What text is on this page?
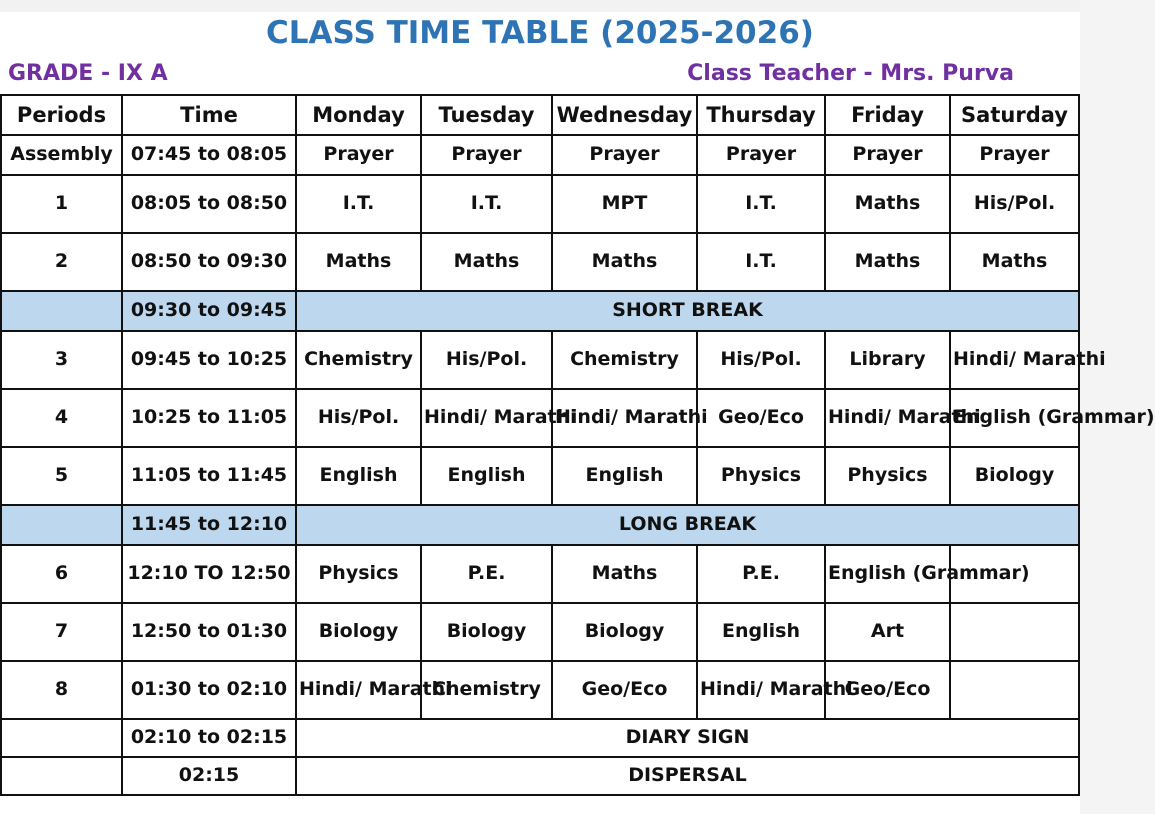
CLASS TIME TABLE (2025-2026)
GRADE - IX A	Class Teacher - Mrs. Purva
Periods	Time	Monday	Tuesday	Wednesday	Thursday	Friday	Saturday
Assembly	07:45 to 08:05	Prayer	Prayer	Prayer	Prayer	Prayer	Prayer
1	08:05 to 08:50	I.T.	I.T.	MPT	I.T.	Maths	His/Pol.
2	08:50 to 09:30	Maths	Maths	Maths	I.T.	Maths	Maths
	09:30 to 09:45	SHORT BREAK					
3	09:45 to 10:25	Chemistry	His/Pol.	Chemistry	His/Pol.	Library	Hindi/ Marathi
4	10:25 to 11:05	His/Pol.	Hindi/ Marathi	Hindi/ Marathi	Geo/Eco	Hindi/ Marathi	English (Grammar)
5	11:05 to 11:45	English	English	English	Physics	Physics	Biology
	11:45 to 12:10	LONG BREAK					
6	12:10 TO 12:50	Physics	P.E.	Maths	P.E.	English (Grammar)	
7	12:50 to 01:30	Biology	Biology	Biology	English	Art	
8	01:30 to 02:10	Hindi/ Marathi	Chemistry	Geo/Eco	Hindi/ Marathi	Geo/Eco	
	02:10 to 02:15	DIARY SIGN					
	02:15	DISPERSAL					
